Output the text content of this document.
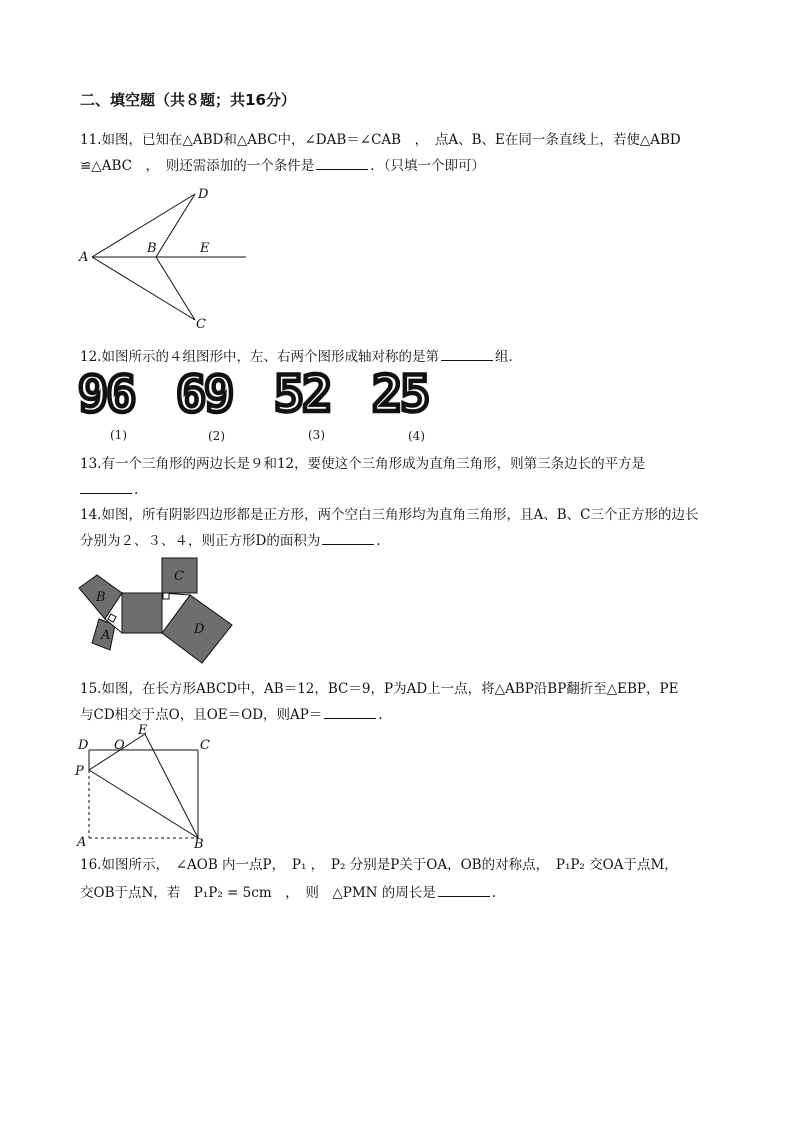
二、填空题（共８题；共16分）
11.如图，已知在△ABD和△ABC中，∠DAB＝∠CAB　，　点A、B、E在同一条直线上，若使△ABD
≌△ABC　，　则还需添加的一个条件是	．（只填一个即可）
A
B	E
D
C
12.如图所示的４组图形中，左、右两个图形成轴对称的是第	组．
96 69 52 25
(1)	(2)	(3)	(4)
13.有一个三角形的两边长是９和12，要使这个三角形成为直角三角形，则第三条边长的平方是
.
14.如图，所有阴影四边形都是正方形，两个空白三角形均为直角三角形，且A、B、C三个正方形的边长
分别为２、３、４，则正方形D的面积为	.
C
B
A	D
15.如图，在长方形ABCD中，AB＝12，BC＝9，P为AD上一点，将△ABP沿BP翻折至△EBP，PE
与CD相交于点O，且OE＝OD，则AP＝	.
D O
E
C
P
A	B
16.如图所示，　∠AOB 内一点P，　P₁ ，　P₂ 分别是P关于OA，OB的对称点，　P₁P₂ 交OA于点M，
交OB于点N，若　P₁P₂ = 5cm　，　则　△PMN 的周长是	.
